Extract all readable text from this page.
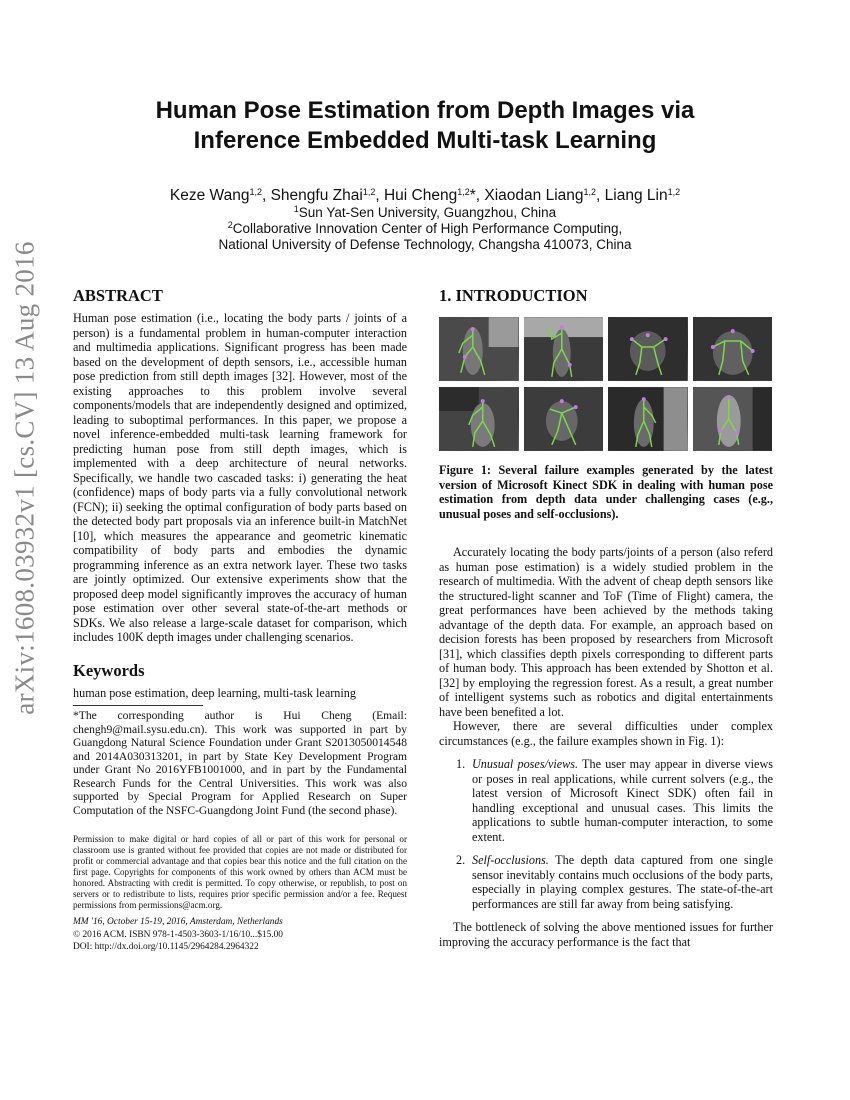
arXiv:1608.03932v1 [cs.CV] 13 Aug 2016
Human Pose Estimation from Depth Images via
Inference Embedded Multi-task Learning
Keze Wang$^{1,2}$, Shengfu Zhai$^{1,2}$, Hui Cheng$^{1,2}$*, Xiaodan Liang$^{1,2}$, Liang Lin$^{1,2}$
$^1$Sun Yat-Sen University, Guangzhou, China
$^2$Collaborative Innovation Center of High Performance Computing,
National University of Defense Technology, Changsha 410073, China
ABSTRACT

Human pose estimation (i.e., locating the body parts / joints of a person) is a fundamental problem in human-computer interaction and multimedia applications. Significant progress has been made based on the development of depth sensors, i.e., accessible human pose prediction from still depth images [32]. However, most of the existing approaches to this problem involve several components/models that are independently designed and optimized, leading to suboptimal performances. In this paper, we propose a novel inference-embedded multi-task learning framework for predicting human pose from still depth images, which is implemented with a deep architecture of neural networks. Specifically, we handle two cascaded tasks: i) generating the heat (confidence) maps of body parts via a fully convolutional network (FCN); ii) seeking the optimal configuration of body parts based on the detected body part proposals via an inference built-in MatchNet [10], which measures the appearance and geometric kinematic compatibility of body parts and embodies the dynamic programming inference as an extra network layer. These two tasks are jointly optimized. Our extensive experiments show that the proposed deep model significantly improves the accuracy of human pose estimation over other several state-of-the-art methods or SDKs. We also release a large-scale dataset for comparison, which includes 100K depth images under challenging scenarios.

Keywords

human pose estimation, deep learning, multi-task learning

*The corresponding author is Hui Cheng (Email: chengh9@mail.sysu.edu.cn). This work was supported in part by Guangdong Natural Science Foundation under Grant S2013050014548 and 2014A030313201, in part by State Key Development Program under Grant No 2016YFB1001000, and in part by the Fundamental Research Funds for the Central Universities. This work was also supported by Special Program for Applied Research on Super Computation of the NSFC-Guangdong Joint Fund (the second phase).

Permission to make digital or hard copies of all or part of this work for personal or classroom use is granted without fee provided that copies are not made or distributed for profit or commercial advantage and that copies bear this notice and the full citation on the first page. Copyrights for components of this work owned by others than ACM must be honored. Abstracting with credit is permitted. To copy otherwise, or republish, to post on servers or to redistribute to lists, requires prior specific permission and/or a fee. Request permissions from permissions@acm.org.

MM '16, October 15-19, 2016, Amsterdam, Netherlands
© 2016 ACM. ISBN 978-1-4503-3603-1/16/10...$15.00
DOI: http://dx.doi.org/10.1145/2964284.2964322
1. INTRODUCTION

Figure 1: Several failure examples generated by the latest version of Microsoft Kinect SDK in dealing with human pose estimation from depth data under challenging cases (e.g., unusual poses and self-occlusions).

Accurately locating the body parts/joints of a person (also referd as human pose estimation) is a widely studied problem in the research of multimedia. With the advent of cheap depth sensors like the structured-light scanner and ToF (Time of Flight) camera, the great performances have been achieved by the methods taking advantage of the depth data. For example, an approach based on decision forests has been proposed by researchers from Microsoft [31], which classifies depth pixels corresponding to different parts of human body. This approach has been extended by Shotton et al. [32] by employing the regression forest. As a result, a great number of intelligent systems such as robotics and digital entertainments have been benefited a lot.

However, there are several difficulties under complex circumstances (e.g., the failure examples shown in Fig. 1):

1. Unusual poses/views. The user may appear in diverse views or poses in real applications, while current solvers (e.g., the latest version of Microsoft Kinect SDK) often fail in handling exceptional and unusual cases. This limits the applications to subtle human-computer interaction, to some extent.
2. Self-occlusions. The depth data captured from one single sensor inevitably contains much occlusions of the body parts, especially in playing complex gestures. The state-of-the-art performances are still far away from being satisfying.

The bottleneck of solving the above mentioned issues for further improving the accuracy performance is the fact that
